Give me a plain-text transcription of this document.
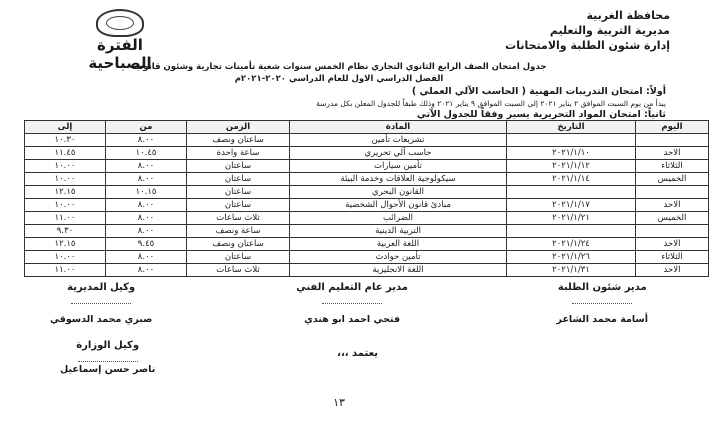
محافظة الغربية
مديرية التربية والتعليم
إدارة شئون الطلبة والامتحانات
الفترة الصباحية
جدول امتحان الصف الرابع الثانوي التجاري نظام الخمس سنوات شعبة تأمينات تجارية وشئون قانونية
الفصل الدراسي الاول للعام الدراسي ٢٠٢٠-٢٠٢١م
أولاً: امتحان التدريبات المهنية ( الحاسب الآلي العملي )
يبدأ من يوم السبت الموافق ٢ يناير ٢٠٢١ إلى السبت الموافق ٩ يناير ٢٠٢١ وذلك طبقاً للجدول المعلن بكل مدرسة
ثانياً: امتحان المواد التحريرية يسير وفقاً للجدول الآتي
اليوم	التاريخ	المادة	الزمن	من	إلى
		تشريعات تأمين	ساعتان ونصف	٨.٠٠	١٠.٣٠
الاحد	٢٠٢١/١/١٠	حاسب آلي تحريري	ساعة واحدة	١٠.٤٥	١١.٤٥
الثلاثاء	٢٠٢١/١/١٢	تأمين سيارات	ساعتان	٨.٠٠	١٠.٠٠
الخميس	٢٠٢١/١/١٤	سيكولوجية العلاقات وخدمة البيئة	ساعتان	٨.٠٠	١٠.٠٠
		القانون البحري	ساعتان	١٠.١٥	١٢.١٥
الاحد	٢٠٢١/١/١٧	مبادئ قانون الأحوال الشخصية	ساعتان	٨.٠٠	١٠.٠٠
الخميس	٢٠٢١/١/٢١	الضرائب	ثلاث ساعات	٨.٠٠	١١.٠٠
		التربية الدينية	ساعة ونصف	٨.٠٠	٩.٣٠
الاحد	٢٠٢١/١/٢٤	اللغة العربية	ساعتان ونصف	٩.٤٥	١٢.١٥
الثلاثاء	٢٠٢١/١/٢٦	تأمين حوادث	ساعتان	٨.٠٠	١٠.٠٠
الاحد	٢٠٢١/١/٣١	اللغة الانجليزية	ثلاث ساعات	٨.٠٠	١١.٠٠
مدير شئون الطلبة
أسامة محمد الشاعر
مدير عام التعليم الفني
فتحي احمد ابو هندي
يعتمد ،،،
وكيل المديرية
صبري محمد الدسوقي
وكيل الوزارة
ناصر حسن إسماعيل
١٣
